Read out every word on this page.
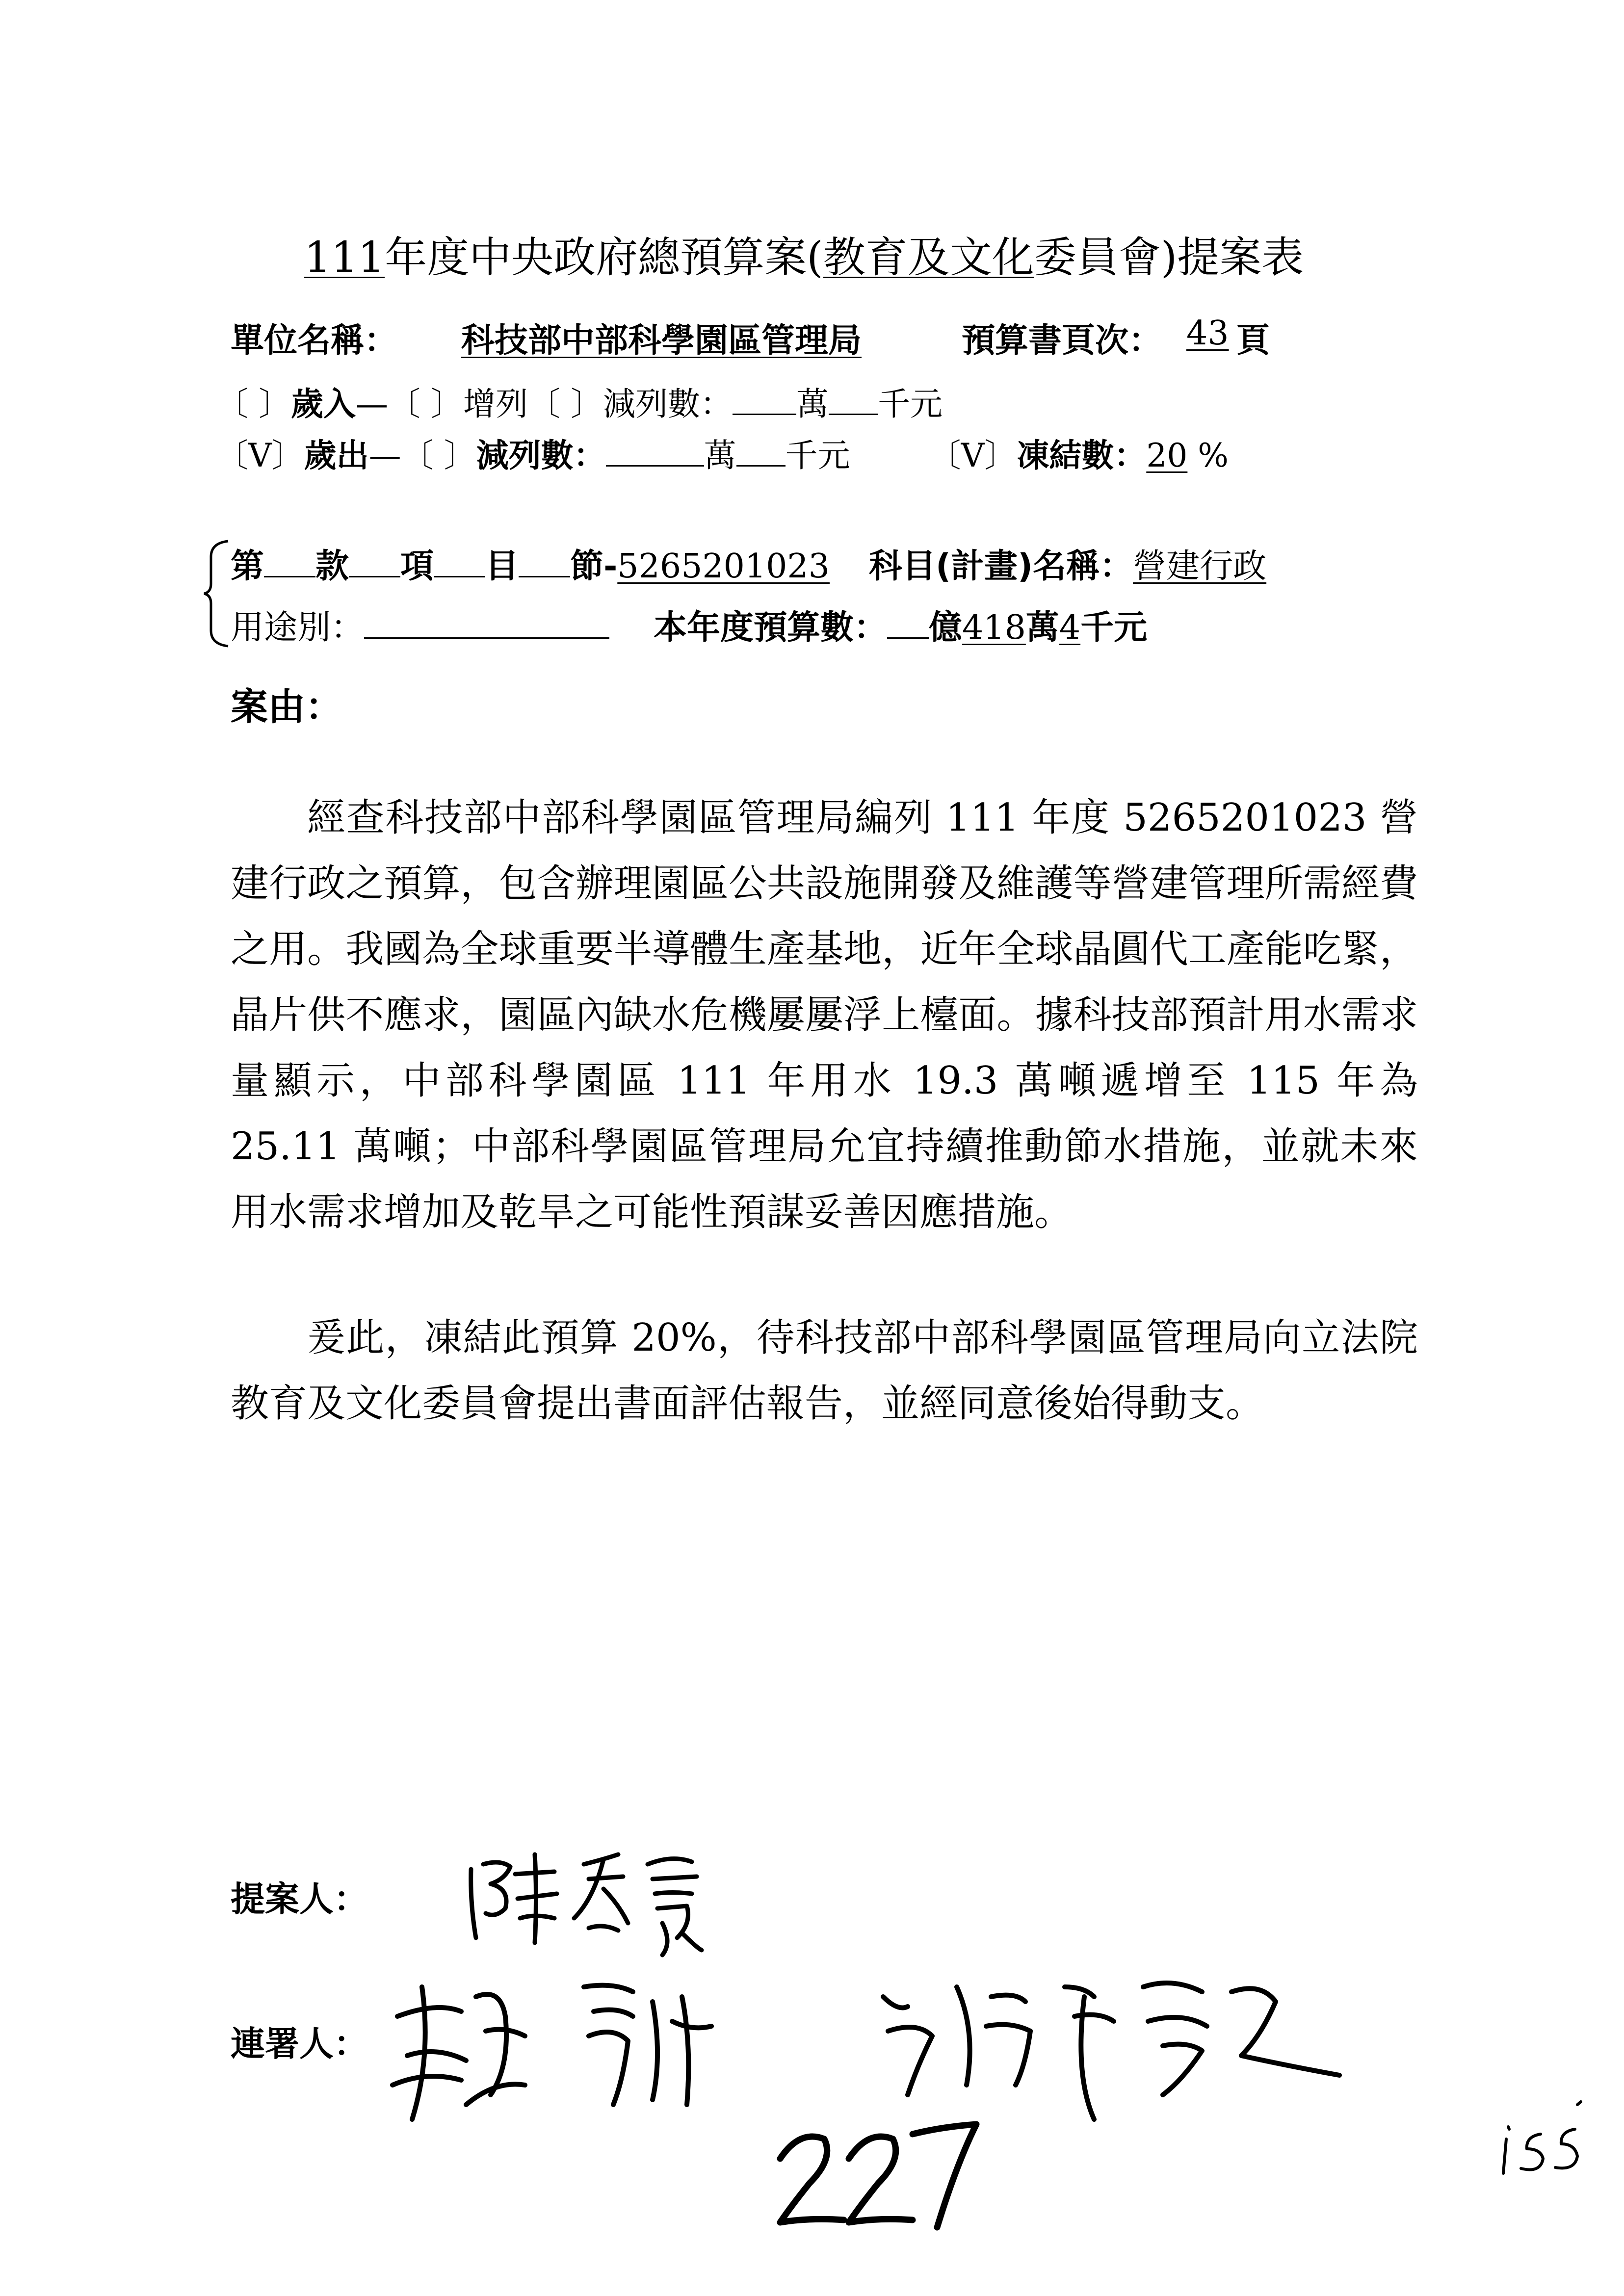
111年度中央政府總預算案(教育及文化委員會)提案表
單位名稱： 科技部中部科學園區管理局	預算書頁次： 43 頁
〔 〕歲入—〔 〕增列〔 〕減列數： 萬 千元
〔V〕歲出—〔 〕減列數：	萬 千元 〔V〕凍結數：20 %
第 款 項 目 節-5265201023 科目(計畫)名稱：營建行政
用途別：	本年度預算數： 億418萬4千元
案由：

經查科技部中部科學園區管理局編列 111 年度 5265201023 營建行政之預算，包含辦理園區公共設施開發及維護等營建管理所需經費之用。我國為全球重要半導體生產基地，近年全球晶圓代工產能吃緊，晶片供不應求，園區內缺水危機屢屢浮上檯面。據科技部預計用水需求量顯示，中部科學園區 111 年用水 19.3 萬噸遞增至 115 年為 25.11 萬噸；中部科學園區管理局允宜持續推動節水措施，並就未來用水需求增加及乾旱之可能性預謀妥善因應措施。

爰此，凍結此預算 20%，待科技部中部科學園區管理局向立法院教育及文化委員會提出書面評估報告，並經同意後始得動支。

提案人：
連署人：
